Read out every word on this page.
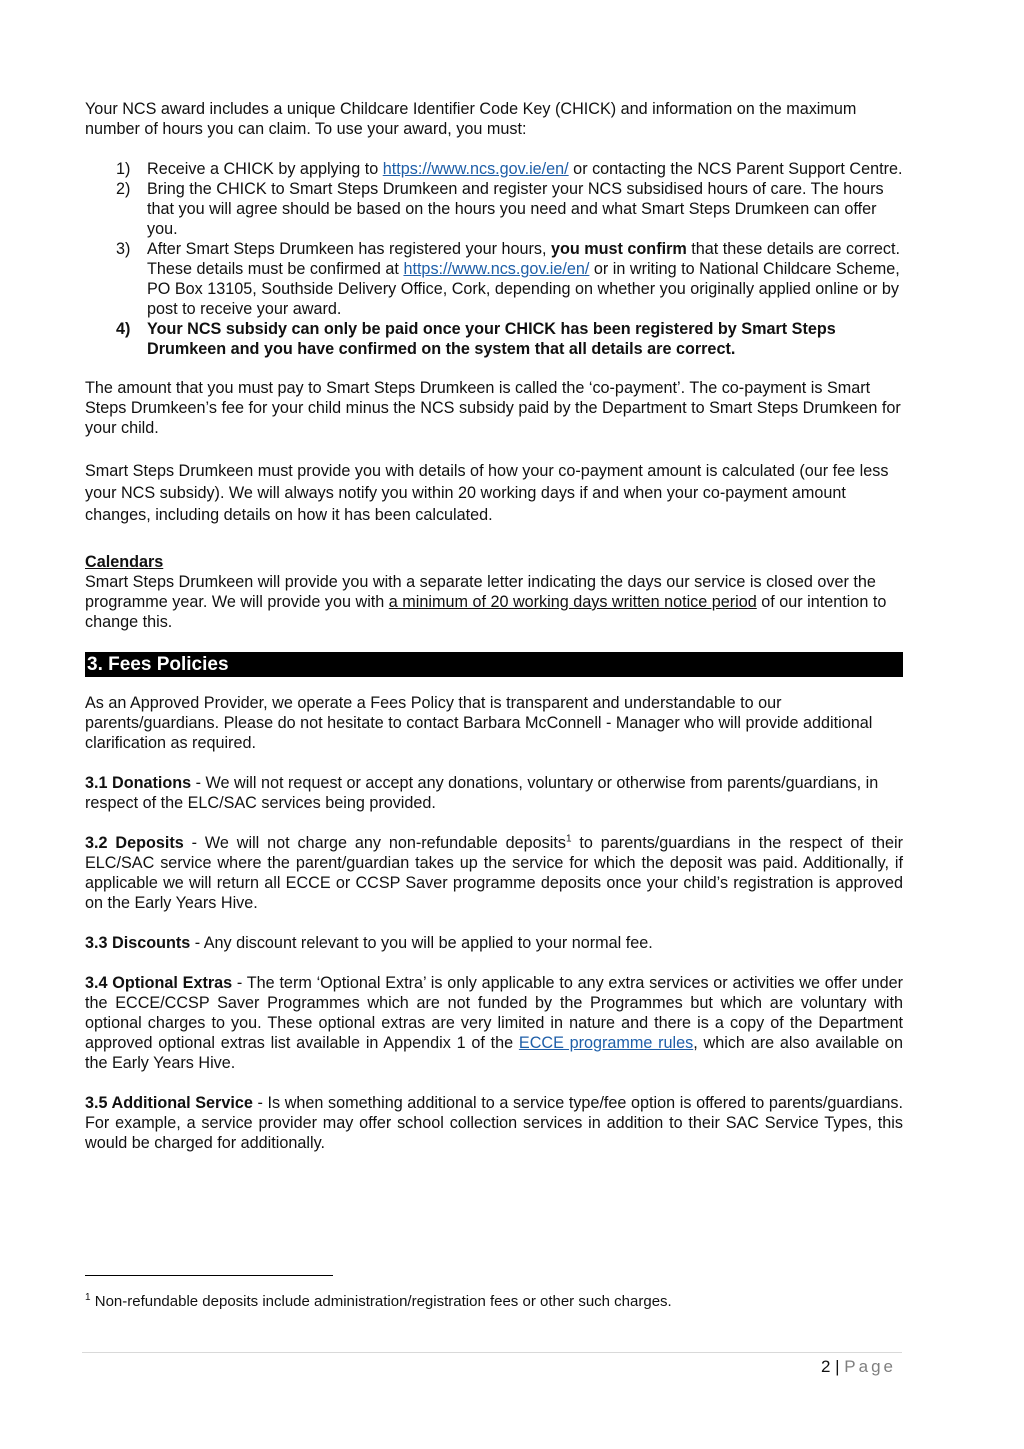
Your NCS award includes a unique Childcare Identifier Code Key (CHICK) and information on the maximum number of hours you can claim. To use your award, you must:

1) Receive a CHICK by applying to https://www.ncs.gov.ie/en/ or contacting the NCS Parent Support Centre.
2) Bring the CHICK to Smart Steps Drumkeen and register your NCS subsidised hours of care. The hours that you will agree should be based on the hours you need and what Smart Steps Drumkeen can offer you.
3) After Smart Steps Drumkeen has registered your hours, you must confirm that these details are correct. These details must be confirmed at https://www.ncs.gov.ie/en/ or in writing to National Childcare Scheme, PO Box 13105, Southside Delivery Office, Cork, depending on whether you originally applied online or by post to receive your award.
4) Your NCS subsidy can only be paid once your CHICK has been registered by Smart Steps Drumkeen and you have confirmed on the system that all details are correct.

The amount that you must pay to Smart Steps Drumkeen is called the ‘co-payment’. The co-payment is Smart Steps Drumkeen’s fee for your child minus the NCS subsidy paid by the Department to Smart Steps Drumkeen for your child.

Smart Steps Drumkeen must provide you with details of how your co-payment amount is calculated (our fee less your NCS subsidy). We will always notify you within 20 working days if and when your co-payment amount changes, including details on how it has been calculated.

Calendars

Smart Steps Drumkeen will provide you with a separate letter indicating the days our service is closed over the programme year. We will provide you with a minimum of 20 working days written notice period of our intention to change this.

3. Fees Policies

As an Approved Provider, we operate a Fees Policy that is transparent and understandable to our parents/guardians. Please do not hesitate to contact Barbara McConnell - Manager who will provide additional clarification as required.

3.1 Donations - We will not request or accept any donations, voluntary or otherwise from parents/guardians, in respect of the ELC/SAC services being provided.

3.2 Deposits - We will not charge any non-refundable deposits$^1$ to parents/guardians in the respect of their ELC/SAC service where the parent/guardian takes up the service for which the deposit was paid. Additionally, if applicable we will return all ECCE or CCSP Saver programme deposits once your child’s registration is approved on the Early Years Hive.

3.3 Discounts - Any discount relevant to you will be applied to your normal fee.

3.4 Optional Extras - The term ‘Optional Extra’ is only applicable to any extra services or activities we offer under the ECCE/CCSP Saver Programmes which are not funded by the Programmes but which are voluntary with optional charges to you. These optional extras are very limited in nature and there is a copy of the Department approved optional extras list available in Appendix 1 of the ECCE programme rules, which are also available on the Early Years Hive.

3.5 Additional Service - Is when something additional to a service type/fee option is offered to parents/guardians. For example, a service provider may offer school collection services in addition to their SAC Service Types, this would be charged for additionally.

$^1$ Non-refundable deposits include administration/registration fees or other such charges.
2 | Page
